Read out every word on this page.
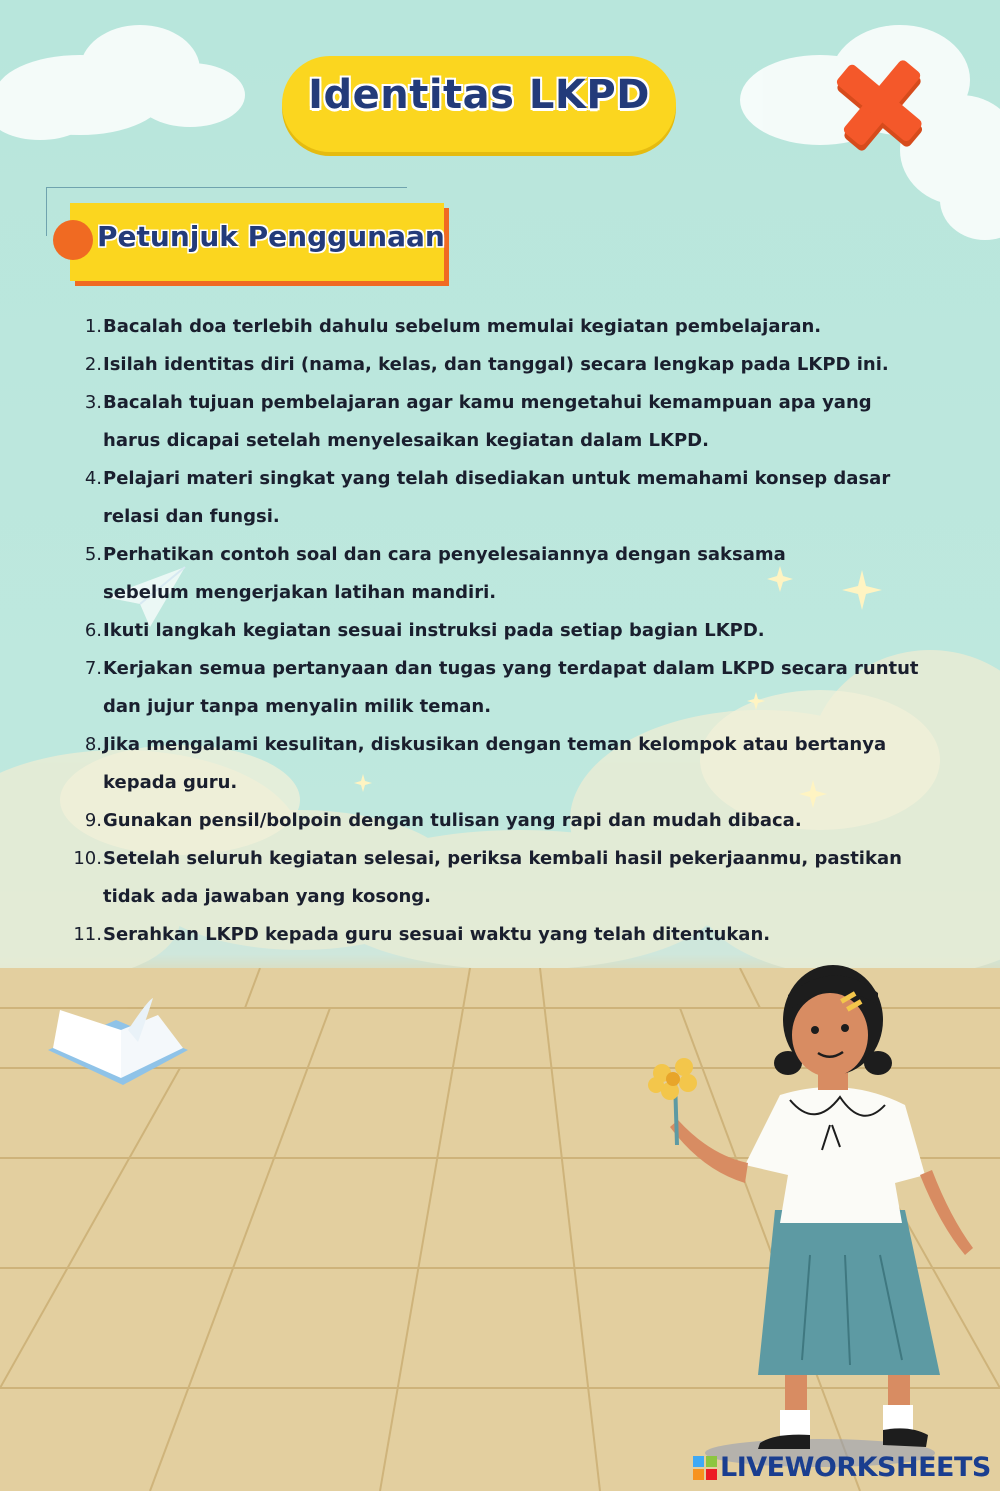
Identitas LKPD
Petunjuk Penggunaan
1. Bacalah doa terlebih dahulu sebelum memulai kegiatan pembelajaran.
2. Isilah identitas diri (nama, kelas, dan tanggal) secara lengkap pada LKPD ini.
3. Bacalah tujuan pembelajaran agar kamu mengetahui kemampuan apa yang harus dicapai setelah menyelesaikan kegiatan dalam LKPD.
4. Pelajari materi singkat yang telah disediakan untuk memahami konsep dasar relasi dan fungsi.
5. Perhatikan contoh soal dan cara penyelesaiannya dengan saksama sebelum mengerjakan latihan mandiri.
6. Ikuti langkah kegiatan sesuai instruksi pada setiap bagian LKPD.
7. Kerjakan semua pertanyaan dan tugas yang terdapat dalam LKPD secara runtut dan jujur tanpa menyalin milik teman.
8. Jika mengalami kesulitan, diskusikan dengan teman kelompok atau bertanya kepada guru.
9. Gunakan pensil/bolpoin dengan tulisan yang rapi dan mudah dibaca.
10. Setelah seluruh kegiatan selesai, periksa kembali hasil pekerjaanmu, pastikan tidak ada jawaban yang kosong.
11. Serahkan LKPD kepada guru sesuai waktu yang telah ditentukan.
LIVEWORKSHEETS
